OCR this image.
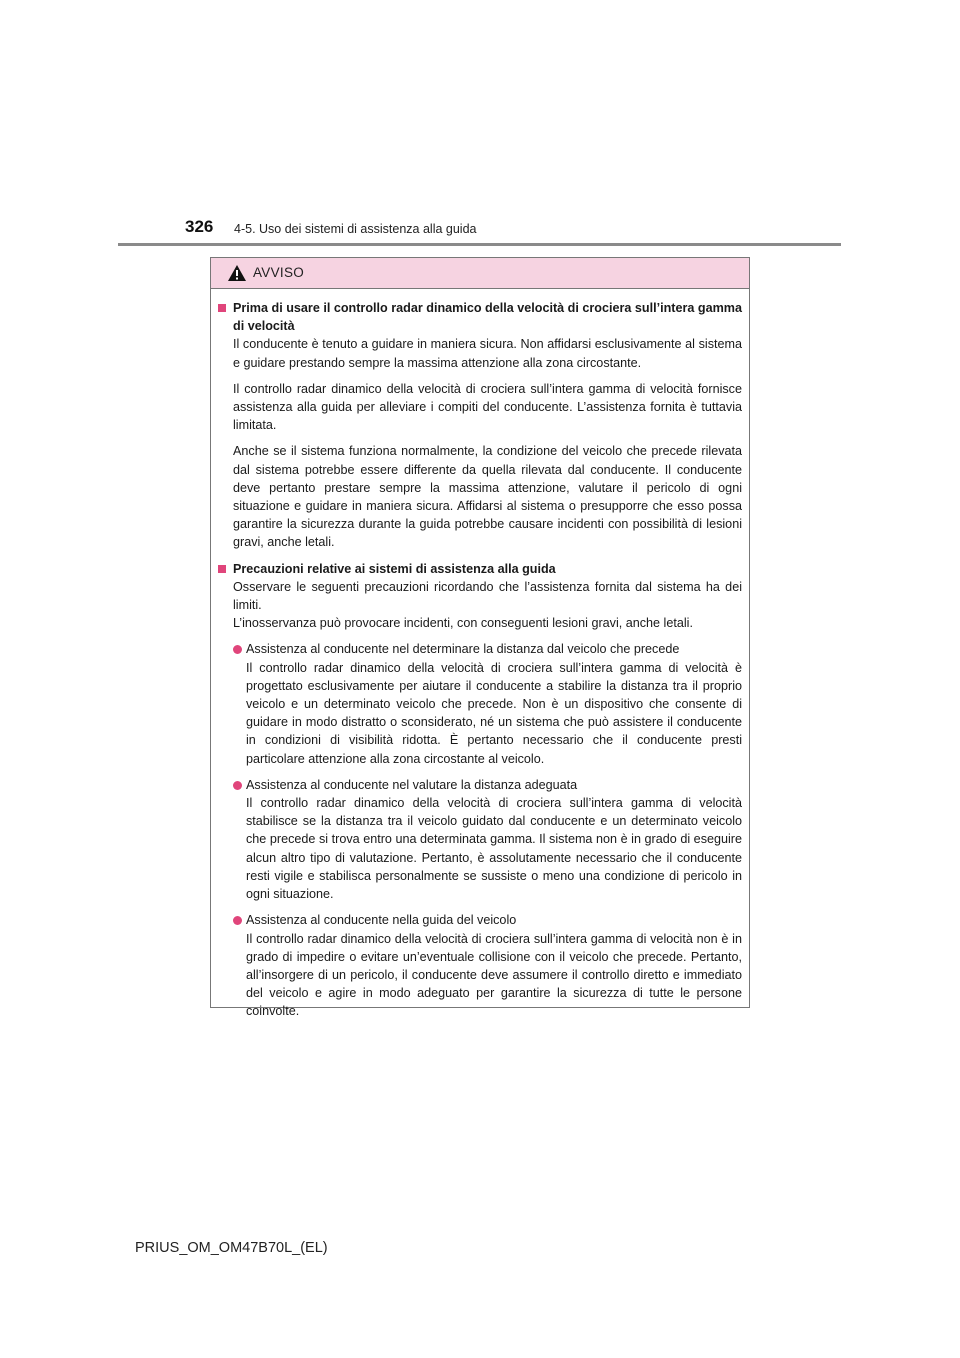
326 4-5. Uso dei sistemi di assistenza alla guida
AVVISO
Prima di usare il controllo radar dinamico della velocità di crociera sull’intera gamma di velocità

Il conducente è tenuto a guidare in maniera sicura. Non affidarsi esclusivamente al sistema e guidare prestando sempre la massima attenzione alla zona circostante.

Il controllo radar dinamico della velocità di crociera sull’intera gamma di velocità fornisce assistenza alla guida per alleviare i compiti del conducente. L’assistenza fornita è tuttavia limitata.

Anche se il sistema funziona normalmente, la condizione del veicolo che precede rilevata dal sistema potrebbe essere differente da quella rilevata dal conducente. Il conducente deve pertanto prestare sempre la massima attenzione, valutare il pericolo di ogni situazione e guidare in maniera sicura. Affidarsi al sistema o presupporre che esso possa garantire la sicurezza durante la guida potrebbe causare incidenti con possibilità di lesioni gravi, anche letali.

Precauzioni relative ai sistemi di assistenza alla guida

Osservare le seguenti precauzioni ricordando che l’assistenza fornita dal sistema ha dei limiti.

L’inosservanza può provocare incidenti, con conseguenti lesioni gravi, anche letali.

Assistenza al conducente nel determinare la distanza dal veicolo che precede
Il controllo radar dinamico della velocità di crociera sull’intera gamma di velocità è progettato esclusivamente per aiutare il conducente a stabilire la distanza tra il proprio veicolo e un determinato veicolo che precede. Non è un dispositivo che consente di guidare in modo distratto o sconsiderato, né un sistema che può assistere il conducente in condizioni di visibilità ridotta. È pertanto necessario che il conducente presti particolare attenzione alla zona circostante al veicolo.
Assistenza al conducente nel valutare la distanza adeguata
Il controllo radar dinamico della velocità di crociera sull’intera gamma di velocità stabilisce se la distanza tra il veicolo guidato dal conducente e un determinato veicolo che precede si trova entro una determinata gamma. Il sistema non è in grado di eseguire alcun altro tipo di valutazione. Pertanto, è assolutamente necessario che il conducente resti vigile e stabilisca personalmente se sussiste o meno una condizione di pericolo in ogni situazione.
Assistenza al conducente nella guida del veicolo
Il controllo radar dinamico della velocità di crociera sull’intera gamma di velocità non è in grado di impedire o evitare un’eventuale collisione con il veicolo che precede. Pertanto, all’insorgere di un pericolo, il conducente deve assumere il controllo diretto e immediato del veicolo e agire in modo adeguato per garantire la sicurezza di tutte le persone coinvolte.
PRIUS_OM_OM47B70L_(EL)
